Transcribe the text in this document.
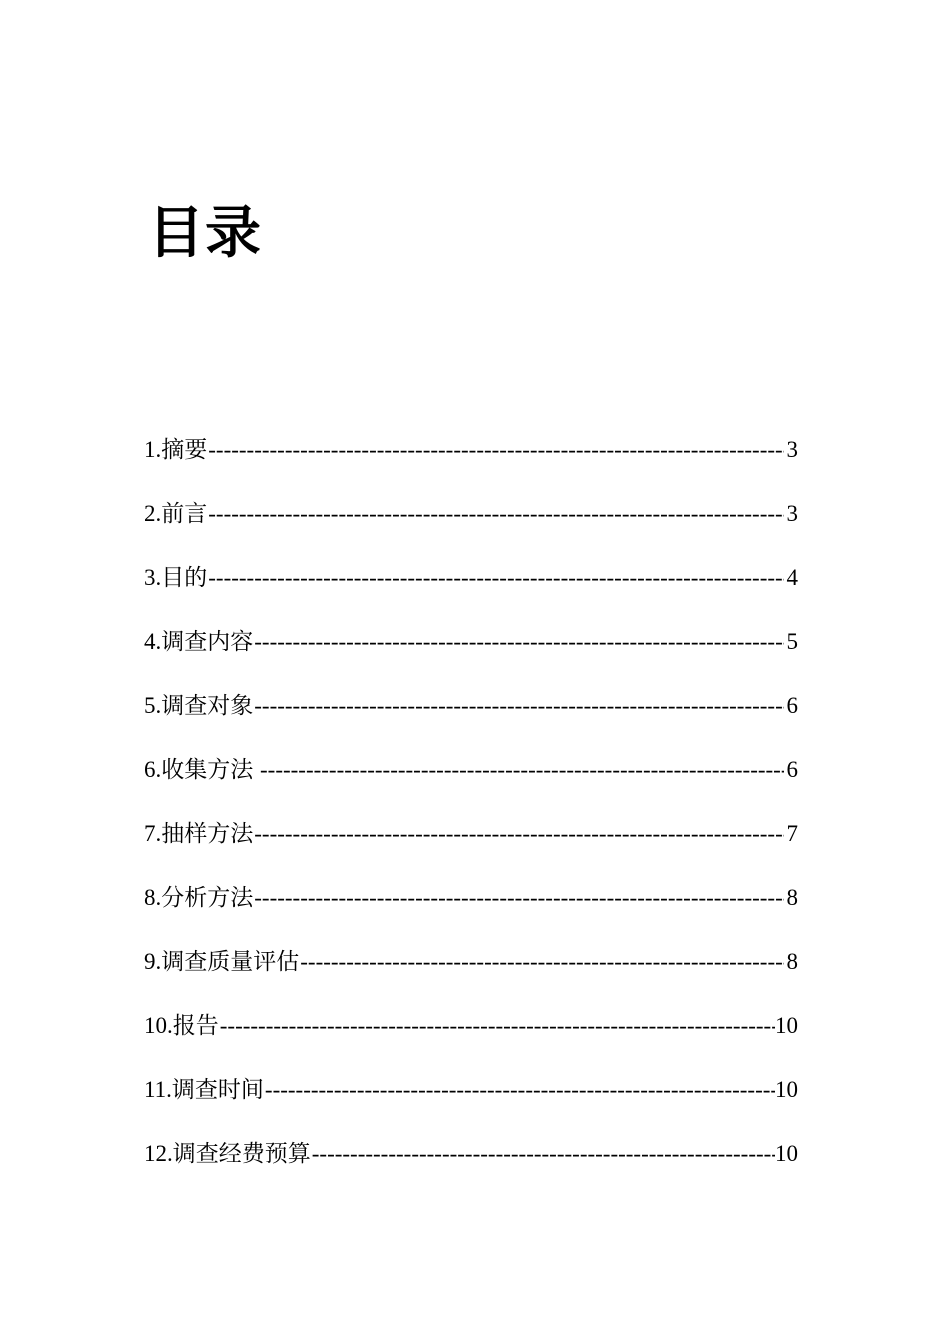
目录
1.摘要 -----	3
2.前言 -----	3
3.目的 -----	4
4.调查内容 -----	5
5.调查对象 -----	6
6.收集方法 -----	6
7.抽样方法 -----	7
8.分析方法 -----	8
9.调查质量评估 -----	8
10.报告 -----	10
11.调查时间 -----	10
12.调查经费预算 -----	10
